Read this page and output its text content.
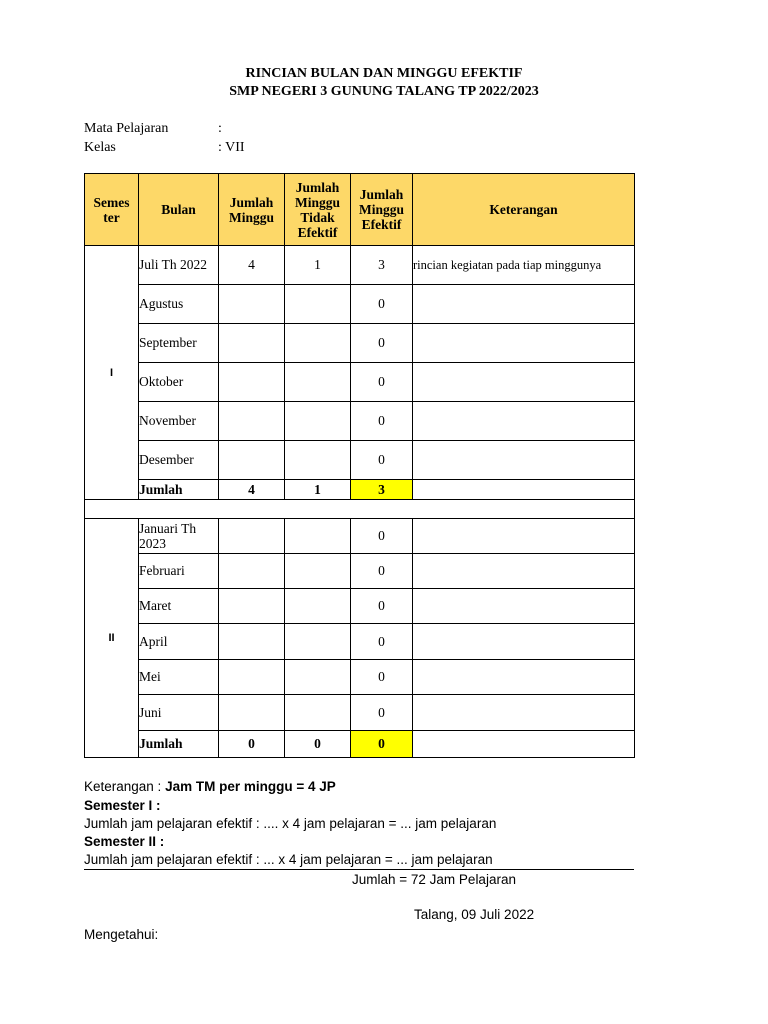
RINCIAN BULAN DAN MINGGU EFEKTIF
SMP NEGERI 3 GUNUNG TALANG TP 2022/2023
Mata Pelajaran	:
Kelas	: VII
Semes ter	Bulan	Jumlah Minggu	Jumlah Minggu Tidak Efektif	Jumlah Minggu Efektif	Keterangan
I	Juli Th 2022	4	1	3	rincian kegiatan pada tiap minggunya
	Agustus			0	
	September			0	
	Oktober			0	
	November			0	
	Desember			0	
	Jumlah	4	1	3	

II	Januari Th 2023			0	
	Februari			0	
	Maret			0	
	April			0	
	Mei			0	
	Juni			0	
	Jumlah	0	0	0	
Keterangan : Jam TM per minggu = 4 JP
Semester I :
Jumlah jam pelajaran efektif : .... x 4 jam pelajaran = ... jam pelajaran
Semester II :
Jumlah jam pelajaran efektif : ... x 4 jam pelajaran = ... jam pelajaran
Jumlah = 72 Jam Pelajaran
Talang, 09 Juli 2022
Mengetahui:
